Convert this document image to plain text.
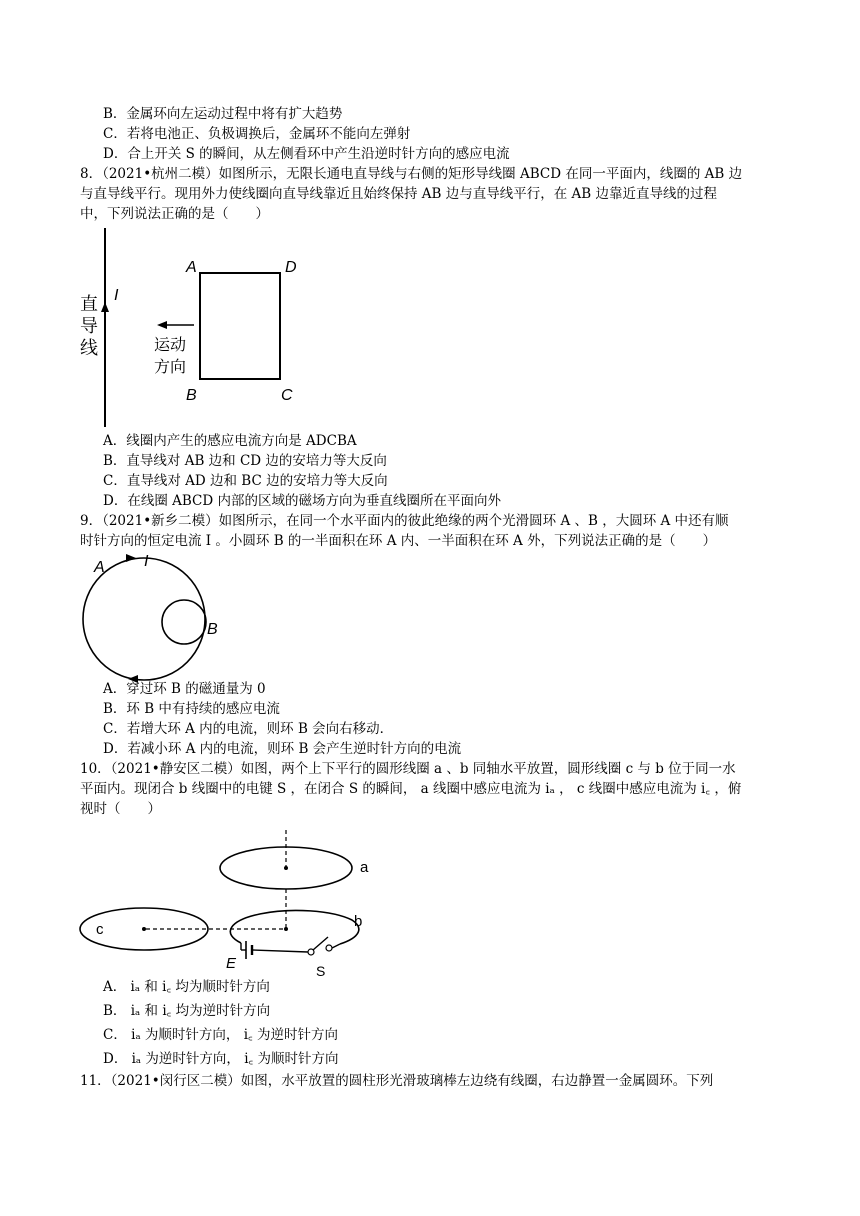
B．金属环向左运动过程中将有扩大趋势
C．若将电池正、负极调换后，金属环不能向左弹射
D．合上开关 S 的瞬间，从左侧看环中产生沿逆时针方向的感应电流
8．（2021•杭州二模）如图所示，无限长通电直导线与右侧的矩形导线圈 ABCD 在同一平面内，线圈的 AB 边
与直导线平行。现用外力使线圈向直导线靠近且始终保持 AB 边与直导线平行，在 AB 边靠近直导线的过程
中，下列说法正确的是（　　）
I
直
导
线
A	D
B	C
运动
方向
A．线圈内产生的感应电流方向是 ADCBA
B．直导线对 AB 边和 CD 边的安培力等大反向
C．直导线对 AD 边和 BC 边的安培力等大反向
D．在线圈 ABCD 内部的区域的磁场方向为垂直线圈所在平面向外
9．（2021•新乡二模）如图所示，在同一个水平面内的彼此绝缘的两个光滑圆环 A 、B ，大圆环 A 中还有顺
时针方向的恒定电流 I 。小圆环 B 的一半面积在环 A 内、一半面积在环 A 外，下列说法正确的是（　　）
A I
B
A．穿过环 B 的磁通量为 0
B．环 B 中有持续的感应电流
C．若增大环 A 内的电流，则环 B 会向右移动．
D．若减小环 A 内的电流，则环 B 会产生逆时针方向的电流
10．（2021•静安区二模）如图，两个上下平行的圆形线圈 a 、b 同轴水平放置，圆形线圈 c 与 b 位于同一水
平面内。现闭合 b 线圈中的电键 S ，在闭合 S 的瞬间， a 线圈中感应电流为 iₐ ， c 线圈中感应电流为 i꜀ ，俯
视时（　　）
a
c	b
E	S
A． iₐ 和 i꜀ 均为顺时针方向
B． iₐ 和 i꜀ 均为逆时针方向
C． iₐ 为顺时针方向， i꜀ 为逆时针方向
D． iₐ 为逆时针方向， i꜀ 为顺时针方向
11．（2021•闵行区二模）如图，水平放置的圆柱形光滑玻璃棒左边绕有线圈，右边静置一金属圆环。下列
